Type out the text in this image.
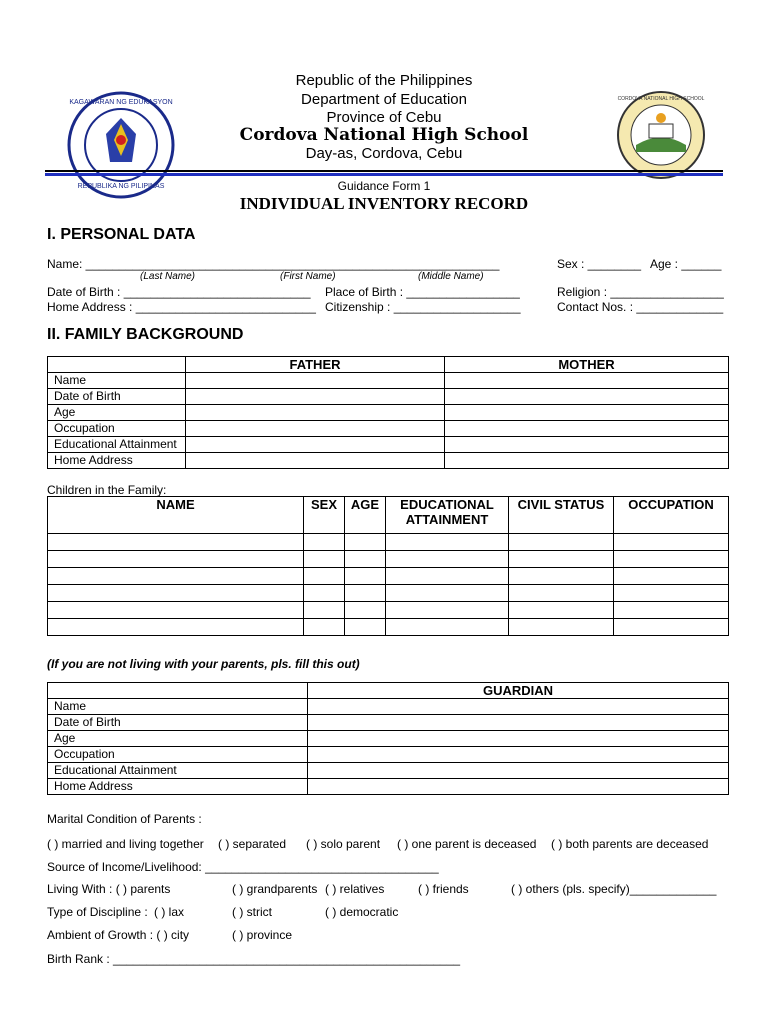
REPUBLIKA NG PILIPINAS
KAGAWARAN NG EDUKASYON	CORDOVA NATIONAL HIGH SCHOOL
Republic of the Philippines
Department of Education
Province of Cebu
Cordova National High School
Day-as, Cordova, Cebu
Guidance Form 1
INDIVIDUAL INVENTORY RECORD
I. PERSONAL DATA
Name: ______________________________________________________________	Sex : ________ Age : ______
(Last Name)	(First Name)	(Middle Name)
Date of Birth : ____________________________ Place of Birth : _________________	Religion : _________________
Home Address : ___________________________ Citizenship : ___________________	Contact Nos. : _____________
II. FAMILY BACKGROUND
	FATHER	MOTHER
Name		
Date of Birth		
Age		
Occupation		
Educational Attainment		
Home Address		
Children in the Family:
NAME	SEX	AGE	EDUCATIONAL ATTAINMENT	CIVIL STATUS	OCCUPATION

(If you are not living with your parents, pls. fill this out)
	GUARDIAN
Name	
Date of Birth	
Age	
Occupation	
Educational Attainment	
Home Address	
Marital Condition of Parents :
( ) married and living together ( ) separated ( ) solo parent ( ) one parent is deceased ( ) both parents are deceased
Source of Income/Livelihood: ___________________________________
Living With : ( ) parents	( ) grandparents ( ) relatives	( ) friends	( ) others (pls. specify)_____________
Type of Discipline : ( ) lax	( ) strict	( ) democratic
Ambient of Growth : ( ) city	( ) province
Birth Rank : ____________________________________________________
